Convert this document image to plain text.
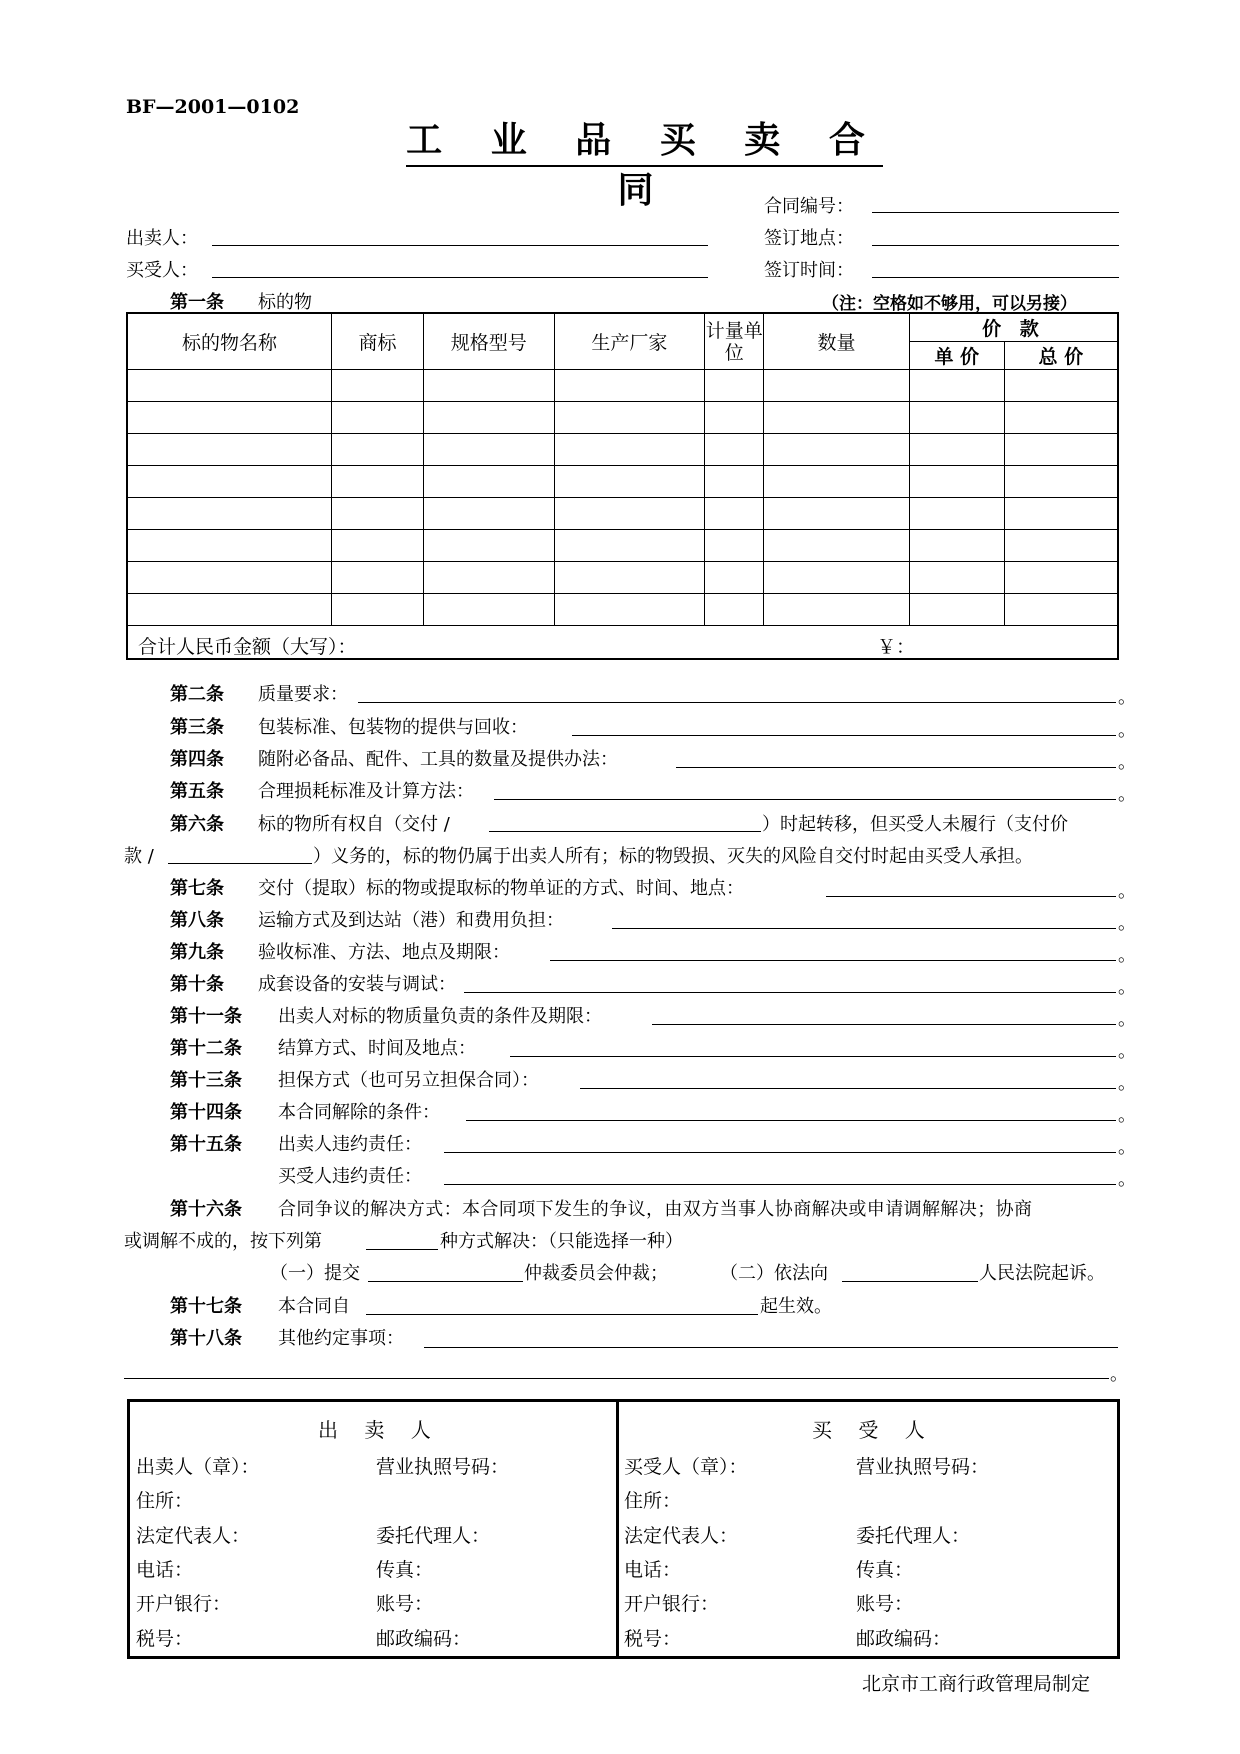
BF—2001—0102
工 业 品 买 卖 合 同	合同编号：
出卖人：	签订地点：
买受人：	签订时间：
第一条 标的物	（注：空格如不够用，可以另接）
标的物名称	商标	规格型号	生产厂家	计量单位	数量	价 款	
						单 价	总 价

合计人民币金额（大写）： ￥：							
第二条 质量要求：	。
第三条 包装标准、包装物的提供与回收：	。
第四条 随附必备品、配件、工具的数量及提供办法：	。
第五条 合理损耗标准及计算方法：	。
第六条 标的物所有权自（交付 /	）时起转移，但买受人未履行（支付价
款 /	）义务的，标的物仍属于出卖人所有；标的物毁损、灭失的风险自交付时起由买受人承担。
第七条 交付（提取）标的物或提取标的物单证的方式、时间、地点：	。
第八条 运输方式及到达站（港）和费用负担：	。
第九条 验收标准、方法、地点及期限：	。
第十条 成套设备的安装与调试：	。
第十一条 出卖人对标的物质量负责的条件及期限：	。
第十二条 结算方式、时间及地点：	。
第十三条 担保方式（也可另立担保合同）：	。
第十四条 本合同解除的条件：	。
第十五条 出卖人违约责任：	。
买受人违约责任：	。
第十六条 合同争议的解决方式：本合同项下发生的争议，由双方当事人协商解决或申请调解解决；协商
或调解不成的，按下列第	种方式解决：（只能选择一种）
（一）提交	仲裁委员会仲裁；	（二）依法向	人民法院起诉。
第十七条 本合同自	起生效。
第十八条 其他约定事项：
。
出 卖 人	买 受 人
出卖人（章）：	营业执照号码：
住所：
法定代表人：	委托代理人：
电话：	传真：
开户银行：	账号：
税号：	邮政编码：
买受人（章）：	营业执照号码：
住所：
法定代表人：	委托代理人：
电话：	传真：
开户银行：	账号：
税号：	邮政编码：
北京市工商行政管理局制定
